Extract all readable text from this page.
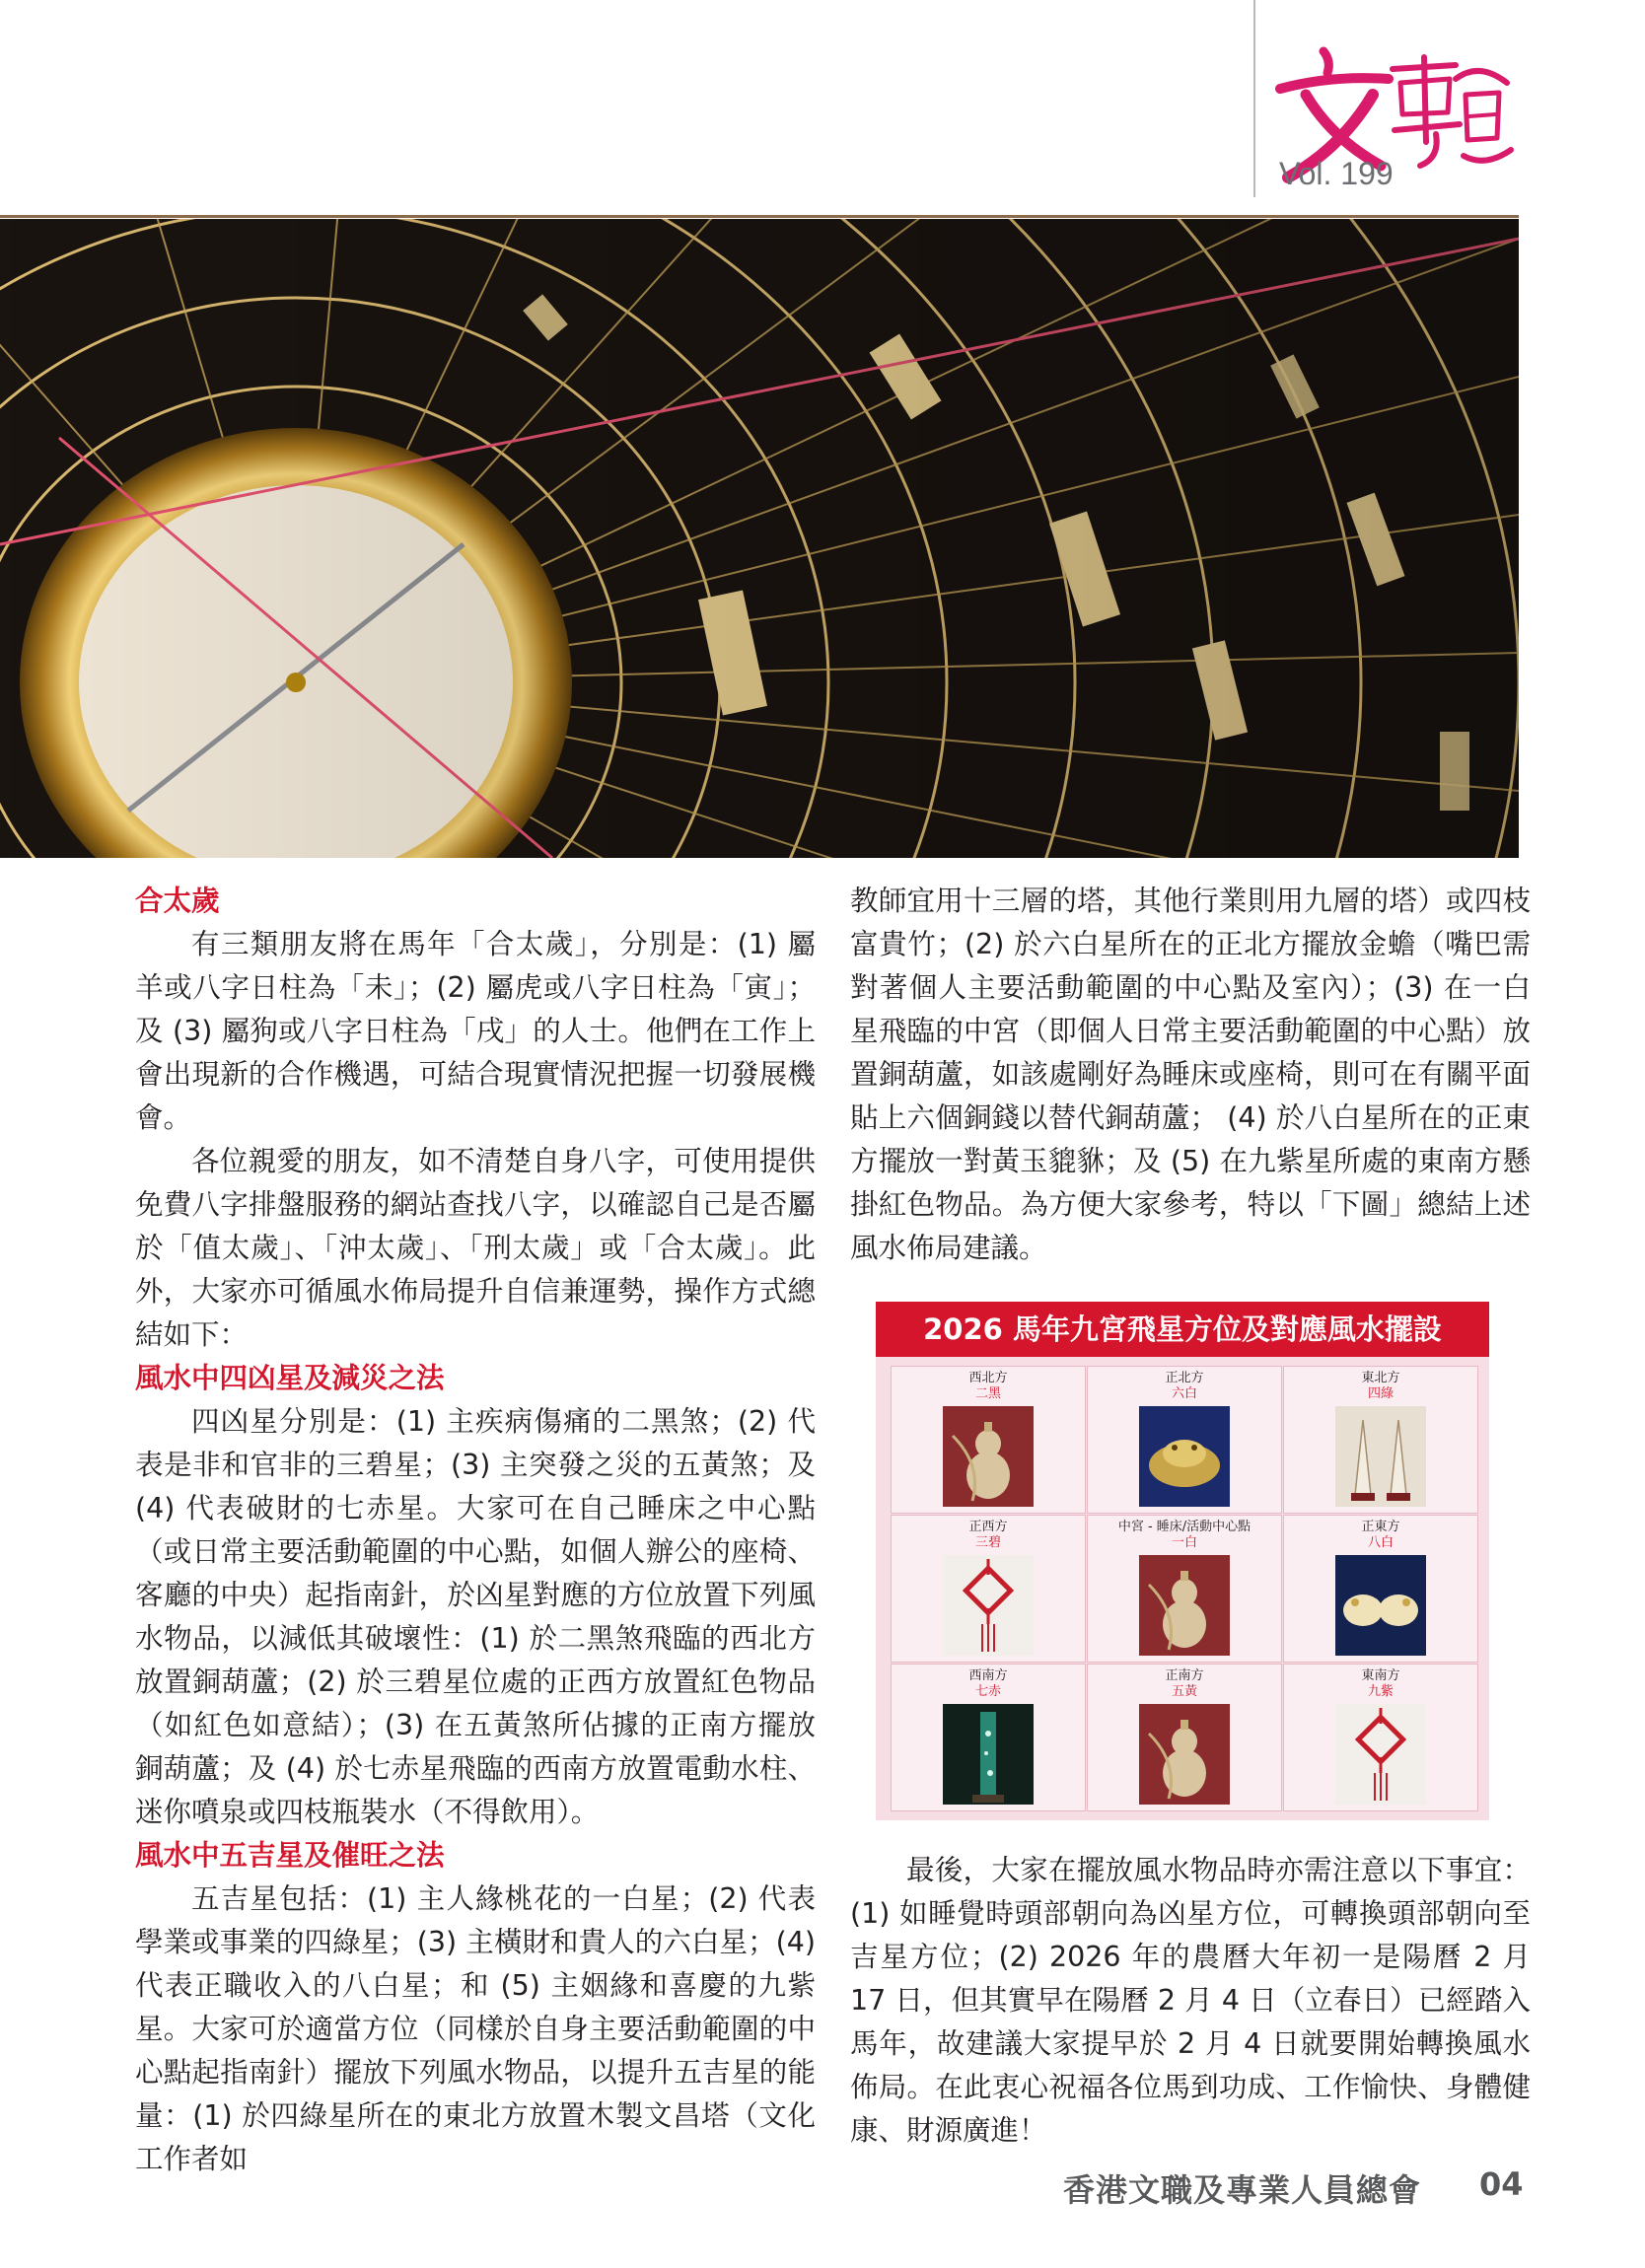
Vol. 199
合太歲

有三類朋友將在馬年「合太歲」，分別是：(1) 屬羊或八字日柱為「未」；(2) 屬虎或八字日柱為「寅」；及 (3) 屬狗或八字日柱為「戌」的人士。他們在工作上會出現新的合作機遇，可結合現實情況把握一切發展機會。

各位親愛的朋友，如不清楚自身八字，可使用提供免費八字排盤服務的網站查找八字，以確認自己是否屬於「值太歲」、「沖太歲」、「刑太歲」或「合太歲」。此外，大家亦可循風水佈局提升自信兼運勢，操作方式總結如下：

風水中四凶星及減災之法

四凶星分別是：(1) 主疾病傷痛的二黑煞；(2) 代表是非和官非的三碧星；(3) 主突發之災的五黃煞；及 (4) 代表破財的七赤星。大家可在自己睡床之中心點（或日常主要活動範圍的中心點，如個人辦公的座椅、客廳的中央）起指南針，於凶星對應的方位放置下列風水物品，以減低其破壞性：(1) 於二黑煞飛臨的西北方放置銅葫蘆；(2) 於三碧星位處的正西方放置紅色物品（如紅色如意結）；(3) 在五黃煞所佔據的正南方擺放銅葫蘆；及 (4) 於七赤星飛臨的西南方放置電動水柱、迷你噴泉或四枝瓶裝水（不得飲用）。

風水中五吉星及催旺之法

五吉星包括：(1) 主人緣桃花的一白星；(2) 代表學業或事業的四綠星；(3) 主橫財和貴人的六白星；(4) 代表正職收入的八白星；和 (5) 主姻緣和喜慶的九紫星。大家可於適當方位（同樣於自身主要活動範圍的中心點起指南針）擺放下列風水物品，以提升五吉星的能量：(1) 於四綠星所在的東北方放置木製文昌塔（文化工作者如

教師宜用十三層的塔，其他行業則用九層的塔）或四枝富貴竹；(2) 於六白星所在的正北方擺放金蟾（嘴巴需對著個人主要活動範圍的中心點及室內）；(3) 在一白星飛臨的中宮（即個人日常主要活動範圍的中心點）放置銅葫蘆，如該處剛好為睡床或座椅，則可在有關平面貼上六個銅錢以替代銅葫蘆； (4) 於八白星所在的正東方擺放一對黃玉貔貅；及 (5) 在九紫星所處的東南方懸掛紅色物品。為方便大家參考，特以「下圖」總結上述風水佈局建議。

2026 馬年九宮飛星方位及對應風水擺設
西北方
二黑
正北方
六白
東北方
四綠
正西方
三碧
中宮 - 睡床/活動中心點
一白
正東方
八白
西南方
七赤
正南方
五黃
東南方
九紫

最後，大家在擺放風水物品時亦需注意以下事宜：(1) 如睡覺時頭部朝向為凶星方位，可轉換頭部朝向至吉星方位；(2) 2026 年的農曆大年初一是陽曆 2 月 17 日，但其實早在陽曆 2 月 4 日（立春日）已經踏入馬年，故建議大家提早於 2 月 4 日就要開始轉換風水佈局。在此衷心祝福各位馬到功成、工作愉快、身體健康、財源廣進！

香港文職及專業人員總會 04
